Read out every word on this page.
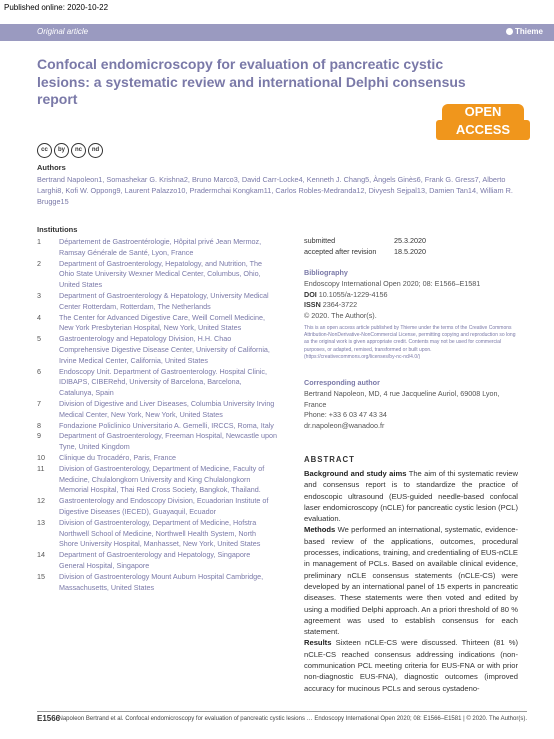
Published online: 2020-10-22
Original article	Thieme
Confocal endomicroscopy for evaluation of pancreatic cystic lesions: a systematic review and international Delphi consensus report
OPEN
ACCESS
cc	by	nc	nd
Authors
Bertrand Napoleon1, Somashekar G. Krishna2, Bruno Marco3, David Carr-Locke4, Kenneth J. Chang5, Àngels Ginès6, Frank G. Gress7, Alberto Larghi8, Kofi W. Oppong9, Laurent Palazzo10, Pradermchai Kongkam11, Carlos Robles-Medranda12, Divyesh Sejpal13, Damien Tan14, William R. Brugge15
Institutions
1	Département de Gastroentérologie, Hôpital privé Jean Mermoz, Ramsay Générale de Santé, Lyon, France
2	Department of Gastroenterology, Hepatology, and Nutrition, The Ohio State University Wexner Medical Center, Columbus, Ohio, United States
3	Department of Gastroenterology & Hepatology, University Medical Center Rotterdam, Rotterdam, The Netherlands
4	The Center for Advanced Digestive Care, Weill Cornell Medicine, New York Presbyterian Hospital, New York, United States
5	Gastroenterology and Hepatology Division, H.H. Chao Comprehensive Digestive Disease Center, University of California, Irvine Medical Center, California, United States
6	Endoscopy Unit. Department of Gastroenterology. Hospital Clinic, IDIBAPS, CIBERehd, University of Barcelona, Barcelona, Catalunya, Spain
7	Division of Digestive and Liver Diseases, Columbia University Irving Medical Center, New York, New York, United States
8	Fondazione Policlinico Universitario A. Gemelli, IRCCS, Roma, Italy
9	Department of Gastroenterology, Freeman Hospital, Newcastle upon Tyne, United Kingdom
10	Clinique du Trocadéro, Paris, France
11	Division of Gastroenterology, Department of Medicine, Faculty of Medicine, Chulalongkorn University and King Chulalongkorn Memorial Hospital, Thai Red Cross Society, Bangkok, Thailand.
12	Gastroenterology and Endoscopy Division, Ecuadorian Institute of Digestive Diseases (IECED), Guayaquil, Ecuador
13	Division of Gastroenterology, Department of Medicine, Hofstra Northwell School of Medicine, Northwell Health System, North Shore University Hospital, Manhasset, New York, United States
14	Department of Gastroenterology and Hepatology, Singapore General Hospital, Singapore
15	Division of Gastroenterology Mount Auburn Hospital Cambridge, Massachusetts, United States
submitted	25.3.2020
accepted after revision	18.5.2020
Bibliography
Endoscopy International Open 2020; 08: E1566–E1581
DOI 10.1055/a-1229-4156
ISSN 2364-3722
© 2020. The Author(s).
This is an open access article published by Thieme under the terms of the Creative Commons Attribution-NonDerivative-NonCommercial License, permitting copying and reproduction so long as the original work is given appropriate credit. Contents may not be used for commercial purposes, or adapted, remixed, transformed or built upon. (https://creativecommons.org/licenses/by-nc-nd/4.0/)
Corresponding author
Bertrand Napoleon, MD, 4 rue Jacqueline Auriol, 69008 Lyon, France
Phone: +33 6 03 47 43 34
dr.napoleon@wanadoo.fr
ABSTRACT

Background and study aims The aim of thi systematic review and consensus report is to standardize the practice of endoscopic ultrasound (EUS-guided needle-based confocal laser endomicroscopy (nCLE) for pancreatic cystic lesion (PCL) evaluation.

Methods We performed an international, systematic, evidence-based review of the applications, outcomes, procedural processes, indications, training, and credentialing of EUS-nCLE in management of PCLs. Based on available clinical evidence, preliminary nCLE consensus statements (nCLE-CS) were developed by an international panel of 15 experts in pancreatic diseases. These statements were then voted and edited by using a modified Delphi approach. An a priori threshold of 80 % agreement was used to establish consensus for each statement.

Results Sixteen nCLE-CS were discussed. Thirteen (81 %) nCLE-CS reached consensus addressing indications (non-communication PCL meeting criteria for EUS-FNA or with prior non-diagnostic EUS-FNA), diagnostic outcomes (improved accuracy for mucinous PCLs and serous cystadeno-

E1566
Napoleon Bertrand et al. Confocal endomicroscopy for evaluation of pancreatic cystic lesions … Endoscopy International Open 2020; 08: E1566–E1581 | © 2020. The Author(s).
